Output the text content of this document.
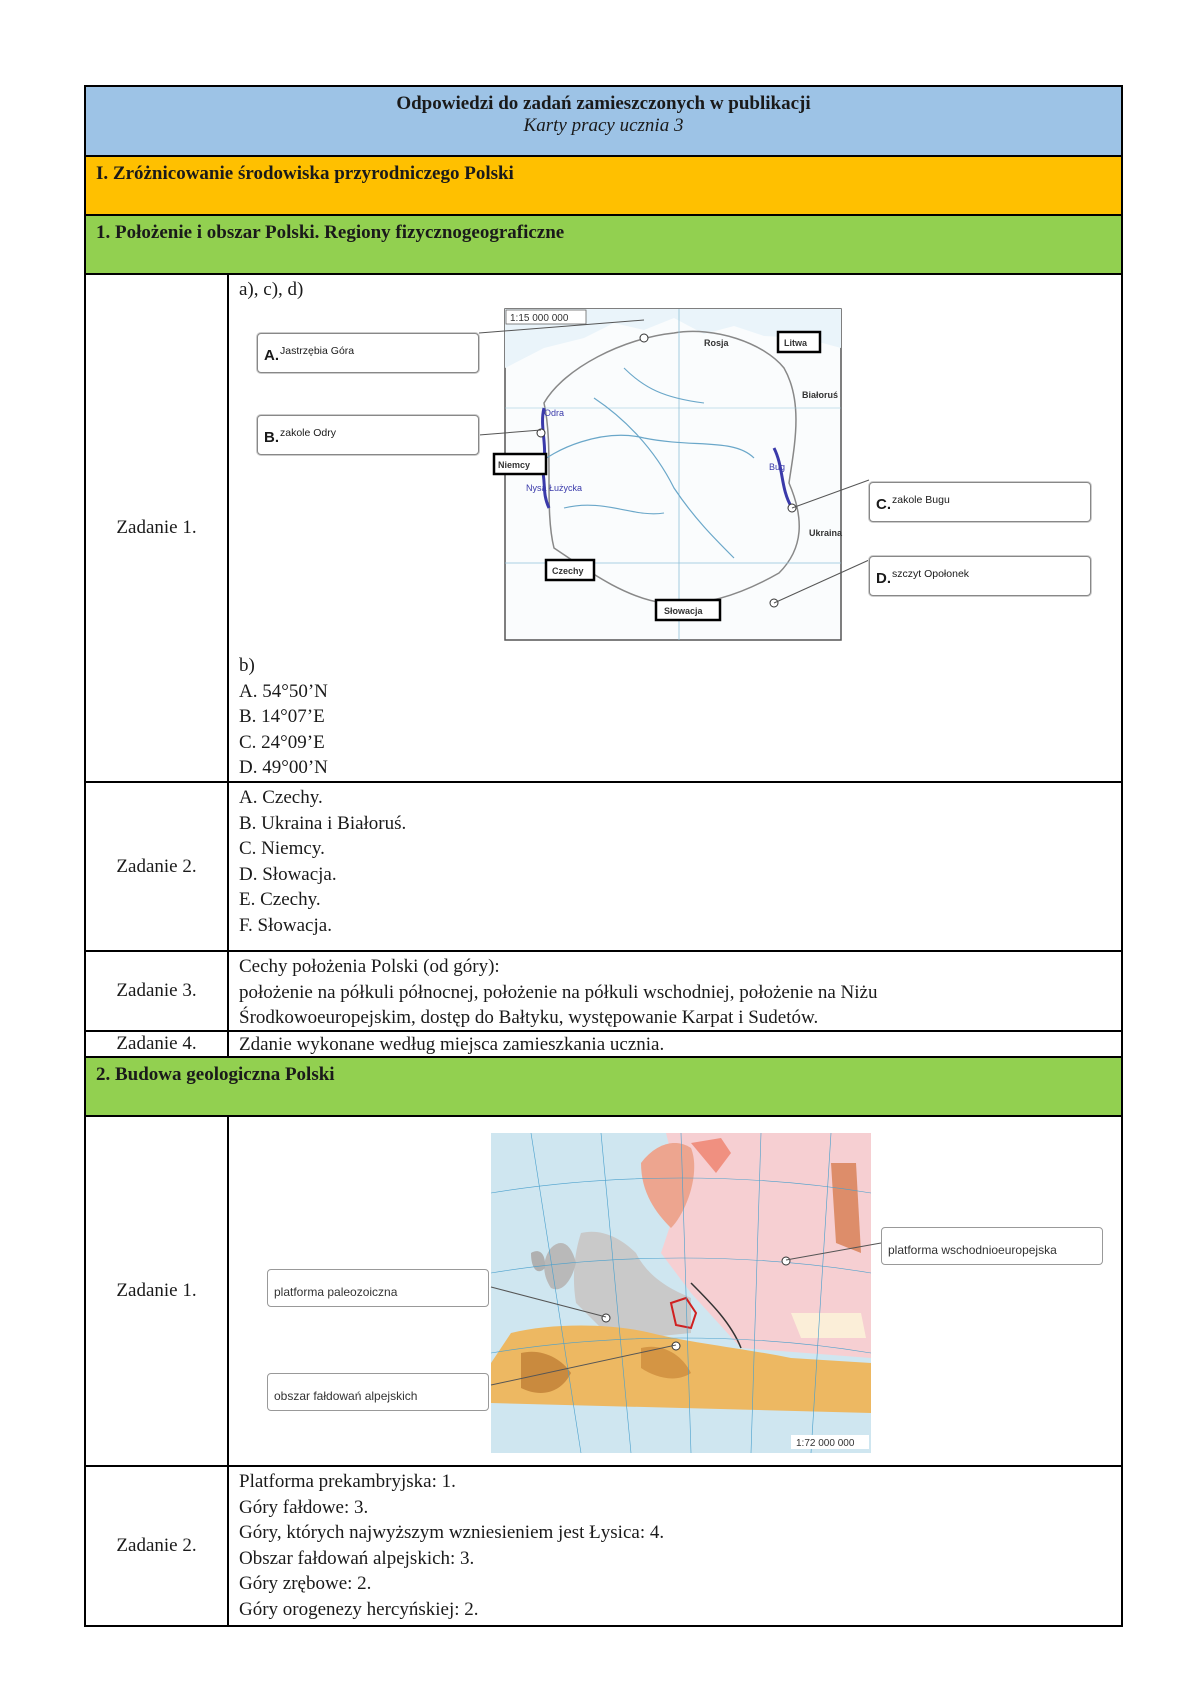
Odpowiedzi do zadań zamieszczonych w publikacji
Karty pracy ucznia 3
I. Zróżnicowanie środowiska przyrodniczego Polski
1. Położenie i obszar Polski. Regiony fizycznogeograficzne
Zadanie 1.

a), c), d)

1:15 000 000
Rosja	Litwa
Białoruś
Odra
Bug
Nysa Łużycka
Niemcy
Ukraina
Czechy
Słowacja
A. Jastrzębia Góra
B. zakole Odry
C. zakole Bugu
D. szczyt Opołonek

b)

A. 54°50’N

B. 14°07’E

C. 24°09’E

D. 49°00’N

Zadanie 2.

A. Czechy.

B. Ukraina i Białoruś.

C. Niemcy.

D. Słowacja.

E. Czechy.

F. Słowacja.

Zadanie 3.

Cechy położenia Polski (od góry):

położenie na półkuli północnej, położenie na półkuli wschodniej, położenie na Niżu

Środkowoeuropejskim, dostęp do Bałtyku, występowanie Karpat i Sudetów.

Zadanie 4.	Zdanie wykonane według miejsca zamieszkania ucznia.

2. Budowa geologiczna Polski
Zadanie 1.
1:72 000 000
platforma paleozoiczna
obszar fałdowań alpejskich
platforma wschodnioeuropejska
Zadanie 2.

Platforma prekambryjska: 1.

Góry fałdowe: 3.

Góry, których najwyższym wzniesieniem jest Łysica: 4.

Obszar fałdowań alpejskich: 3.

Góry zrębowe: 2.

Góry orogenezy hercyńskiej: 2.
